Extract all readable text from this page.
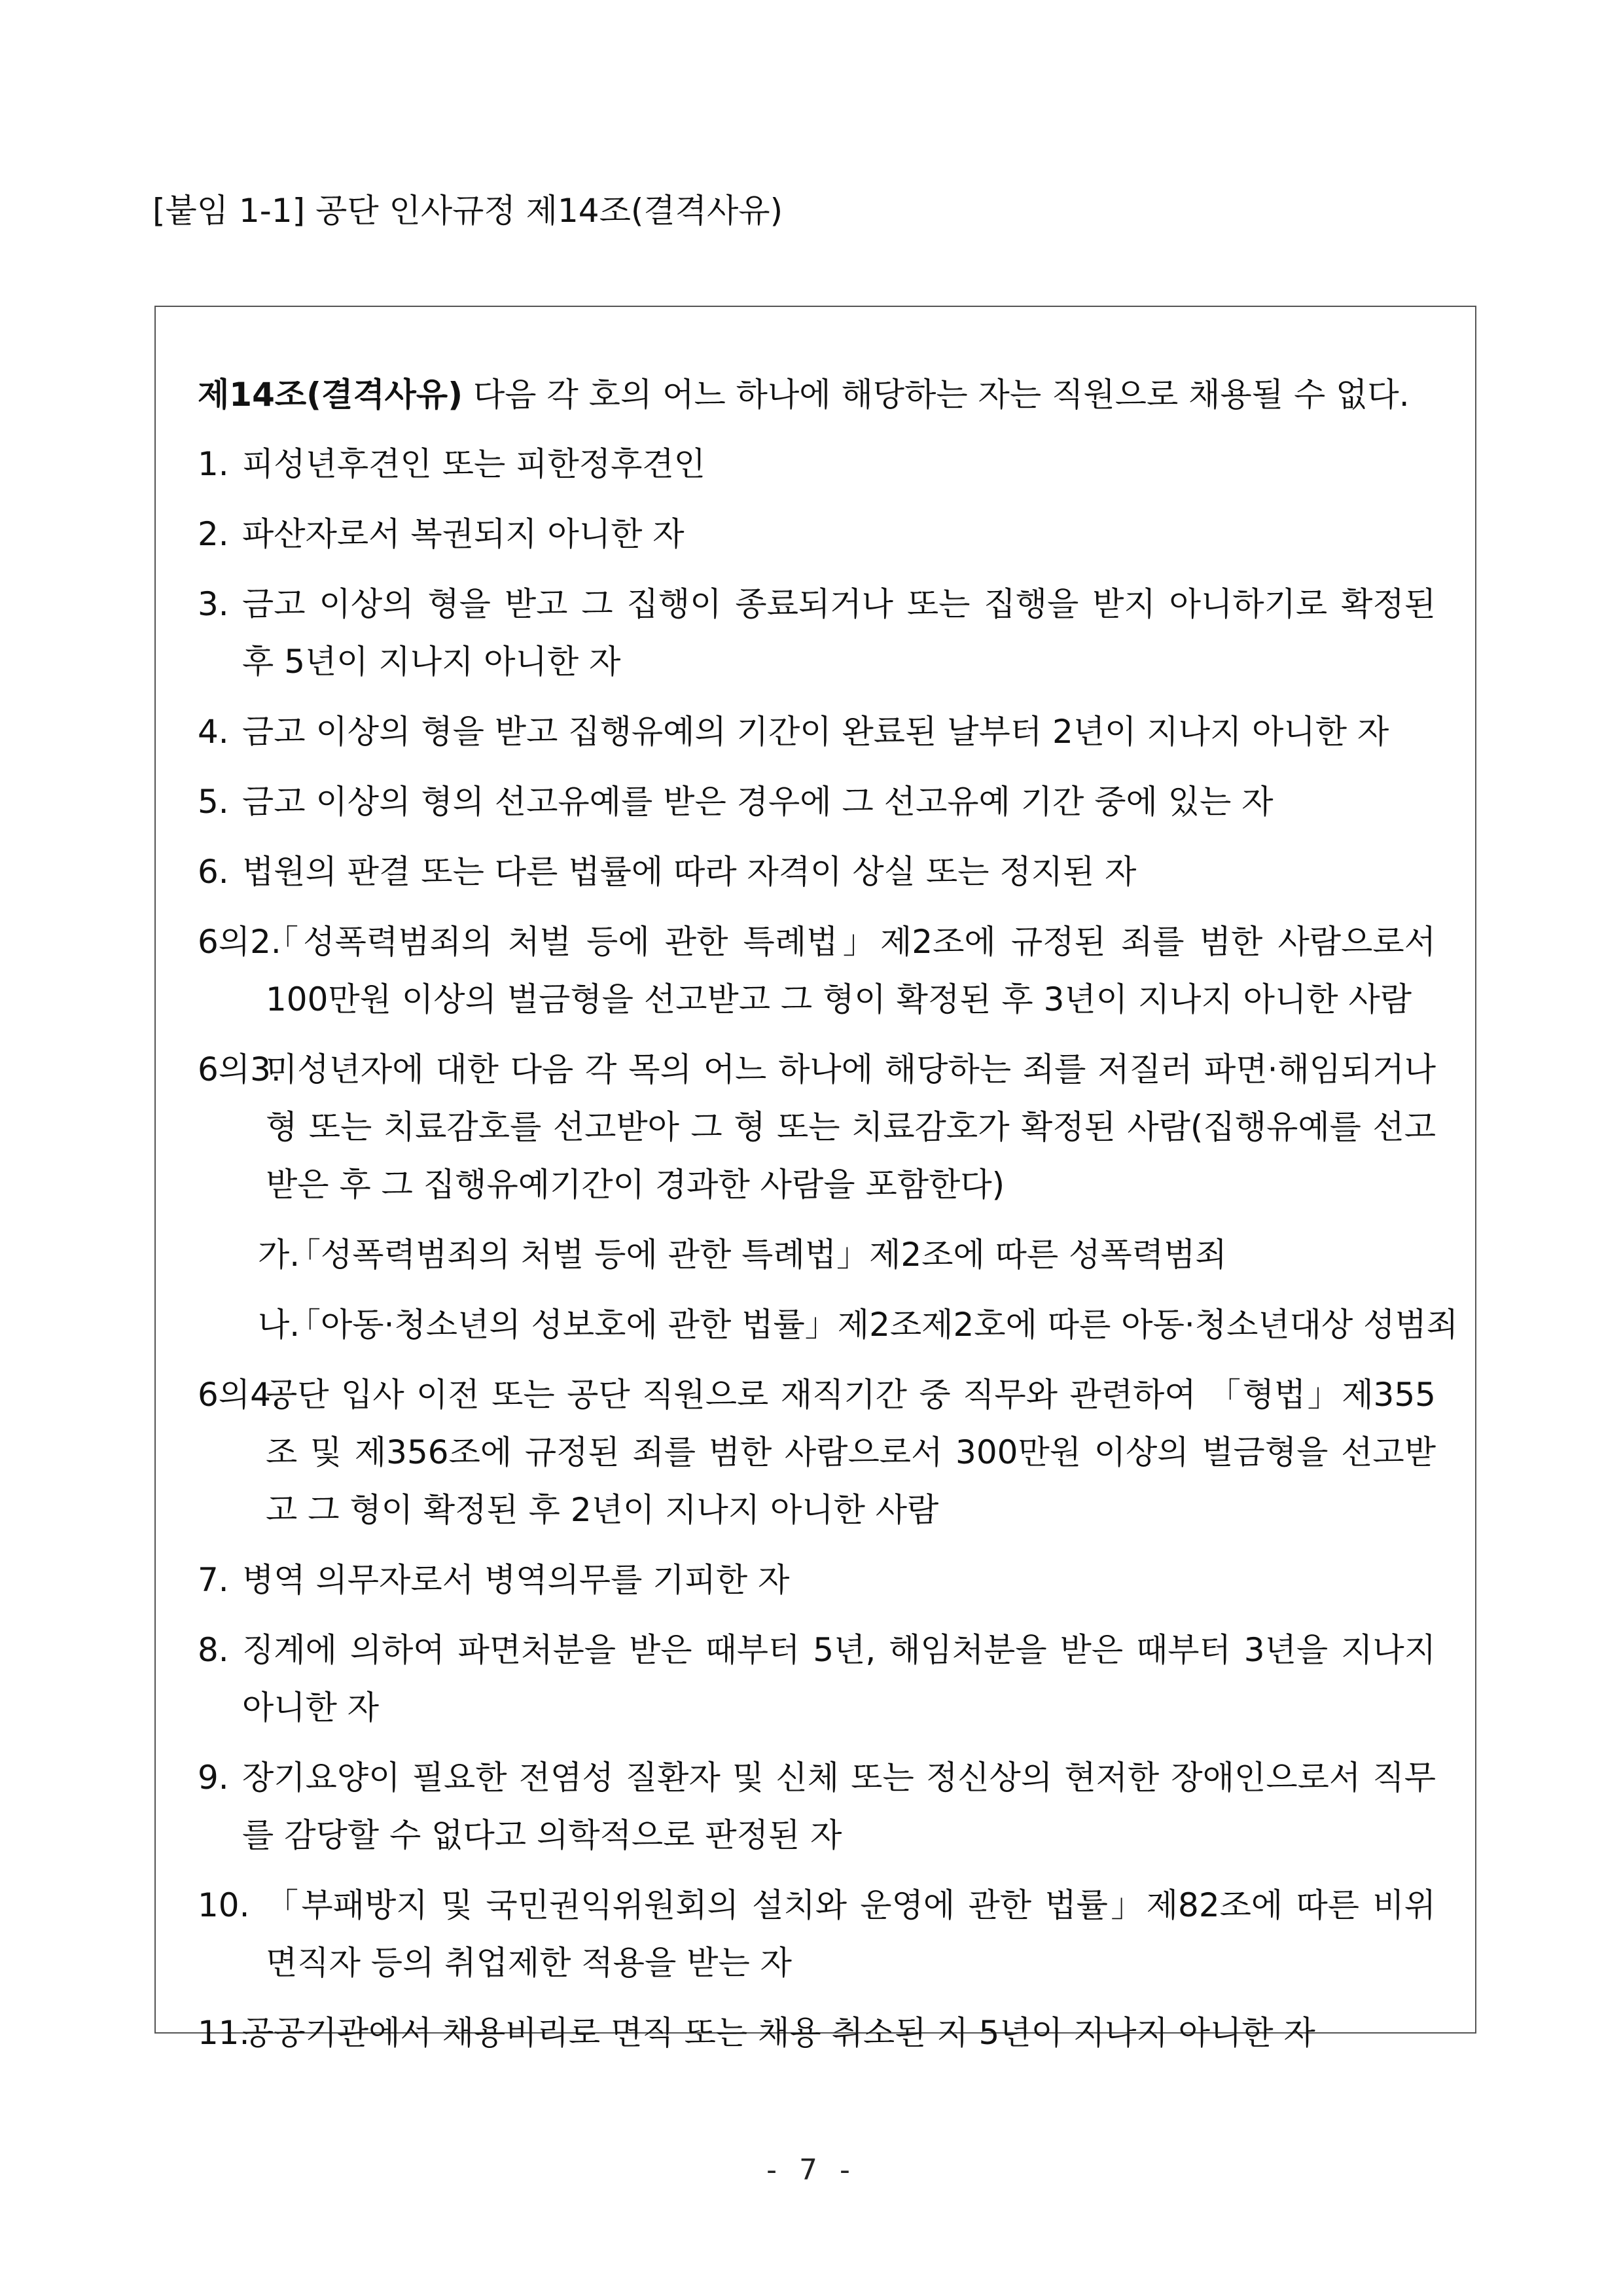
[붙임 1-1] 공단 인사규정 제14조(결격사유)
제14조(결격사유) 다음 각 호의 어느 하나에 해당하는 자는 직원으로 채용될 수 없다.
1. 피성년후견인 또는 피한정후견인
2. 파산자로서 복권되지 아니한 자
3. 금고 이상의 형을 받고 그 집행이 종료되거나 또는 집행을 받지 아니하기로 확정된 후 5년이 지나지 아니한 자
4. 금고 이상의 형을 받고 집행유예의 기간이 완료된 날부터 2년이 지나지 아니한 자
5. 금고 이상의 형의 선고유예를 받은 경우에 그 선고유예 기간 중에 있는 자
6. 법원의 판결 또는 다른 법률에 따라 자격이 상실 또는 정지된 자
6의2.
「성폭력범죄의 처벌 등에 관한 특례법」제2조에 규정된 죄를 범한 사람으로서 100만원 이상의 벌금형을 선고받고 그 형이 확정된 후 3년이 지나지 아니한 사람
6의3.
미성년자에 대한 다음 각 목의 어느 하나에 해당하는 죄를 저질러 파면·해임되거나 형 또는 치료감호를 선고받아 그 형 또는 치료감호가 확정된 사람(집행유예를 선고받은 후 그 집행유예기간이 경과한 사람을 포함한다)
가.
「성폭력범죄의 처벌 등에 관한 특례법」제2조에 따른 성폭력범죄
나.
「아동·청소년의 성보호에 관한 법률」제2조제2호에 따른 아동·청소년대상 성범죄
6의4.
공단 입사 이전 또는 공단 직원으로 재직기간 중 직무와 관련하여 「형법」제355조 및 제356조에 규정된 죄를 범한 사람으로서 300만원 이상의 벌금형을 선고받고 그 형이 확정된 후 2년이 지나지 아니한 사람
7. 병역 의무자로서 병역의무를 기피한 자
8. 징계에 의하여 파면처분을 받은 때부터 5년, 해임처분을 받은 때부터 3년을 지나지 아니한 자
9. 장기요양이 필요한 전염성 질환자 및 신체 또는 정신상의 현저한 장애인으로서 직무를 감당할 수 없다고 의학적으로 판정된 자
10. 「부패방지 및 국민권익위원회의 설치와 운영에 관한 법률」제82조에 따른 비위면직자 등의 취업제한 적용을 받는 자
11.
공공기관에서 채용비리로 면직 또는 채용 취소된 지 5년이 지나지 아니한 자
- 7 -
